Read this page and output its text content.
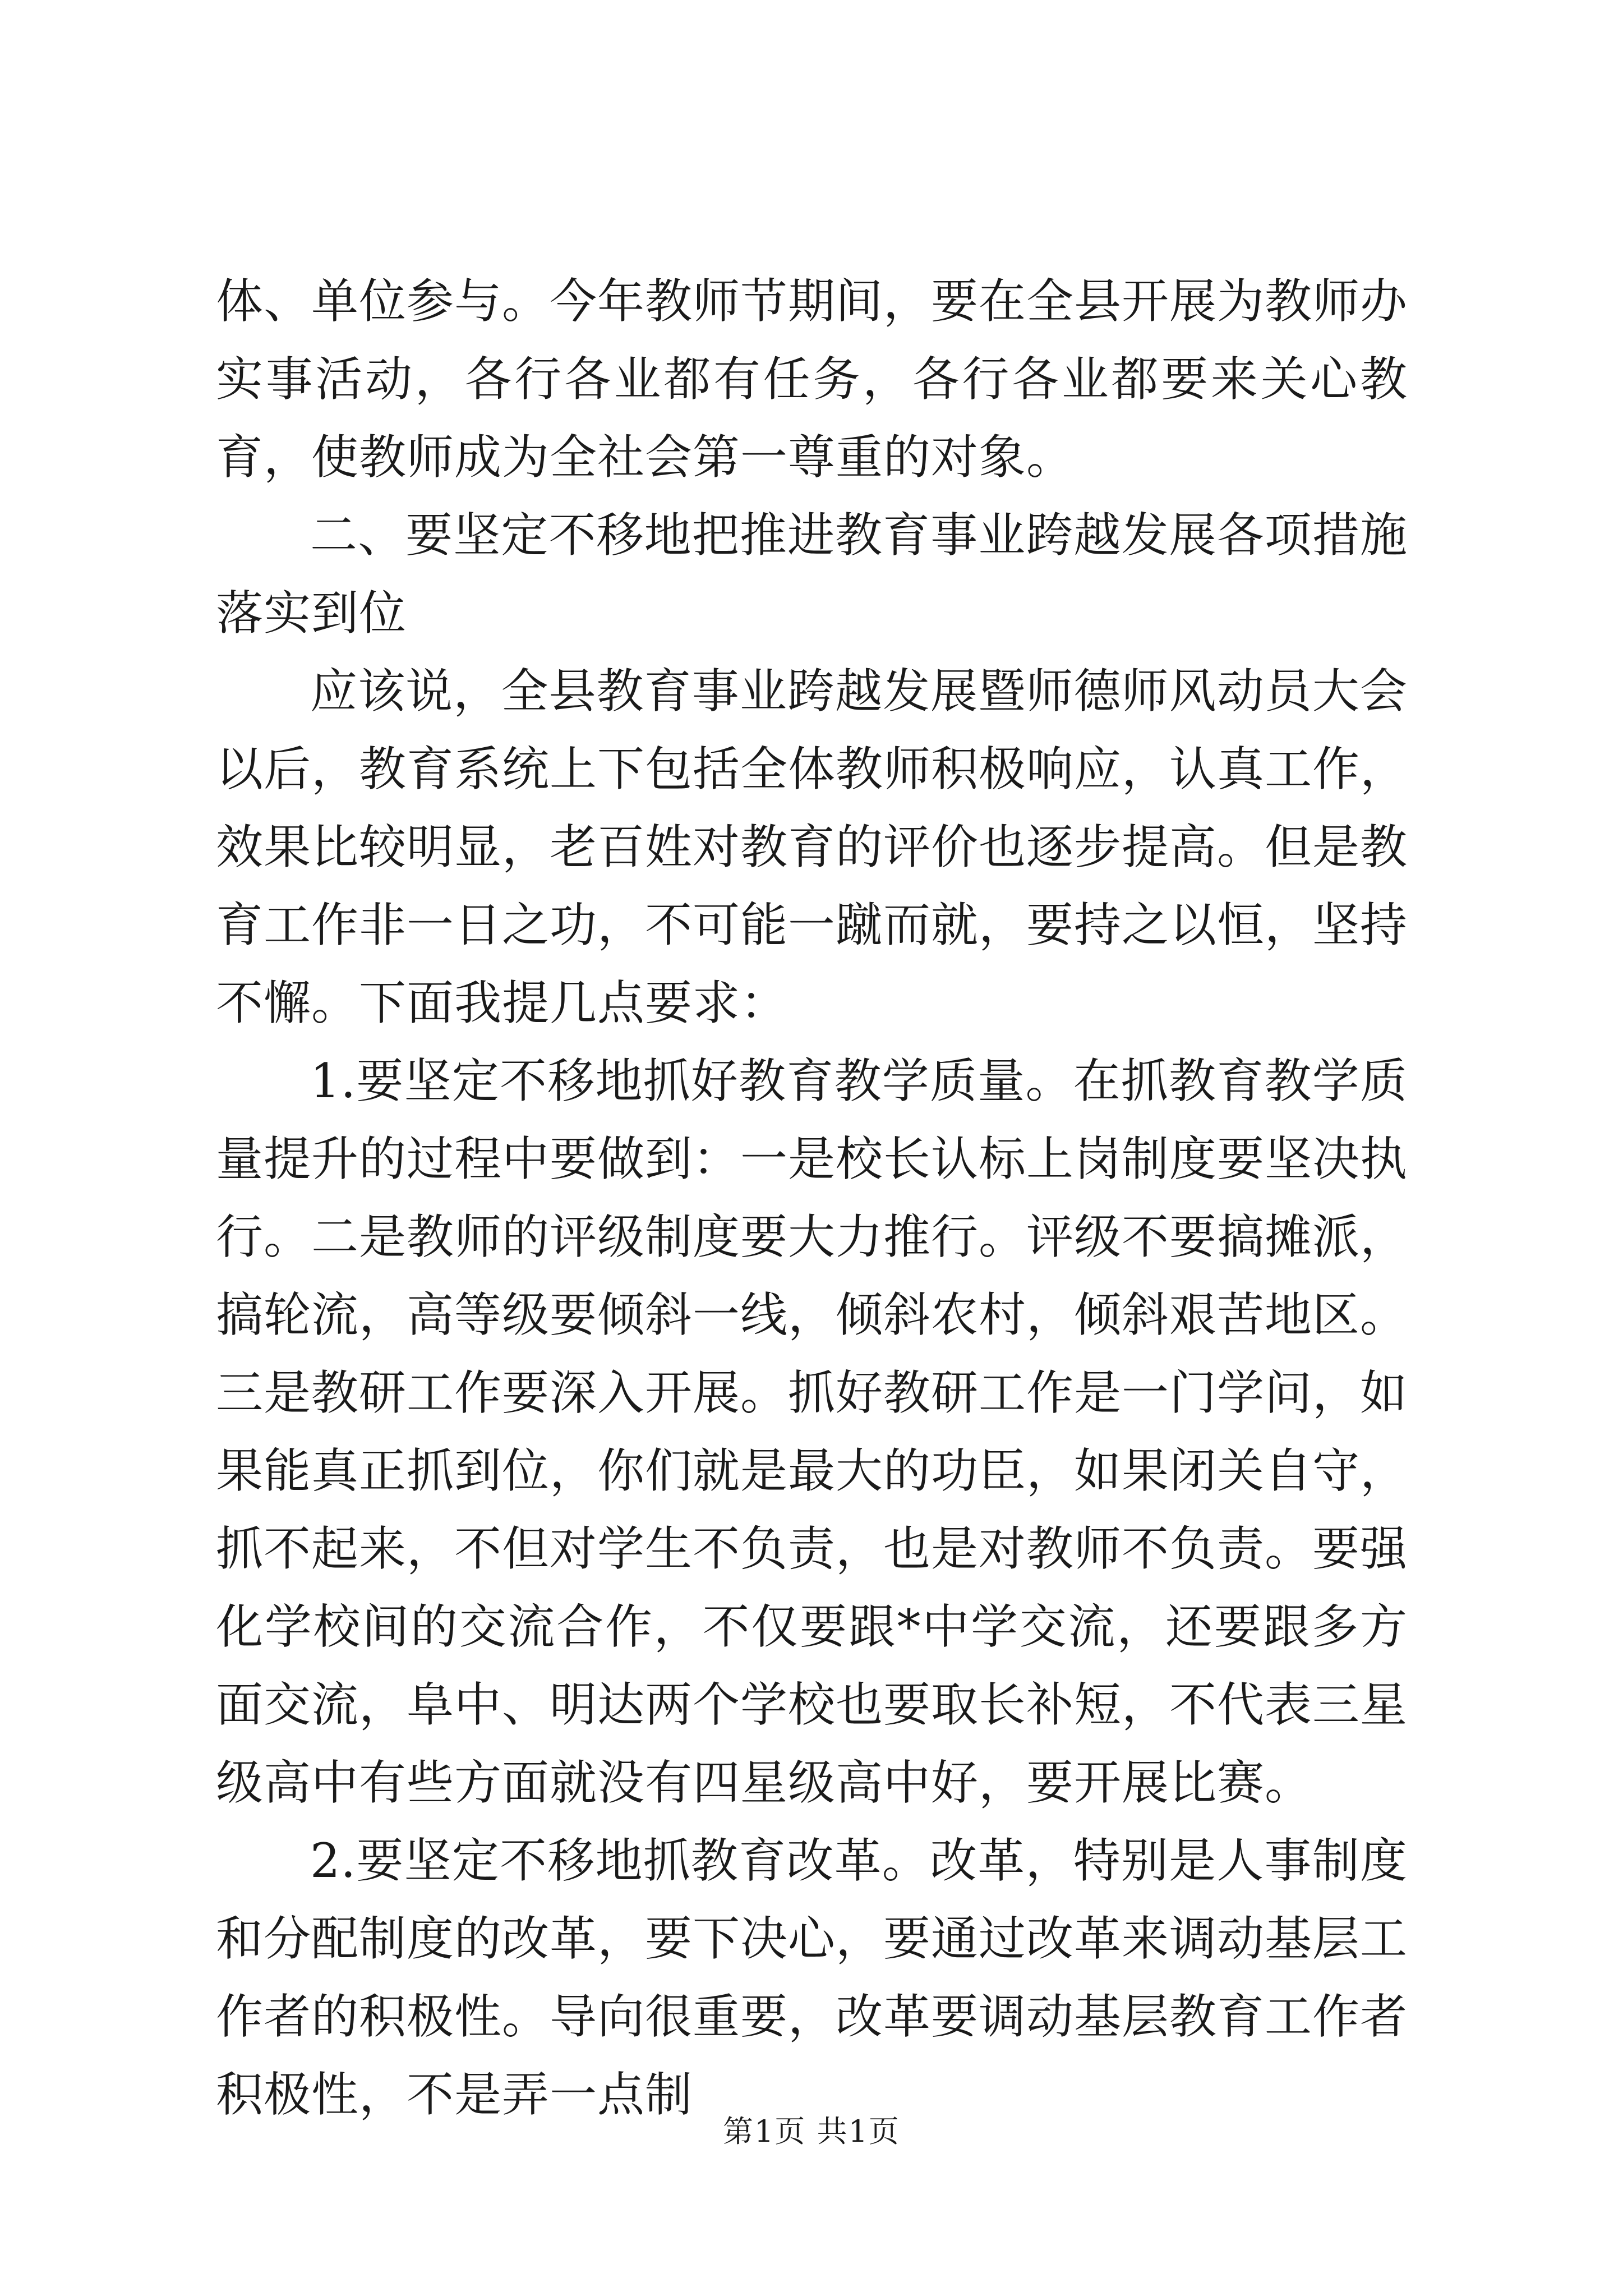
体、单位参与。今年教师节期间，要在全县开展为教师办实事活动，各行各业都有任务，各行各业都要来关心教育，使教师成为全社会第一尊重的对象。

二、要坚定不移地把推进教育事业跨越发展各项措施落实到位

应该说，全县教育事业跨越发展暨师德师风动员大会以后，教育系统上下包括全体教师积极响应，认真工作，效果比较明显，老百姓对教育的评价也逐步提高。但是教育工作非一日之功，不可能一蹴而就，要持之以恒，坚持不懈。下面我提几点要求：

1.要坚定不移地抓好教育教学质量。在抓教育教学质量提升的过程中要做到：一是校长认标上岗制度要坚决执行。二是教师的评级制度要大力推行。评级不要搞摊派，搞轮流，高等级要倾斜一线，倾斜农村，倾斜艰苦地区。三是教研工作要深入开展。抓好教研工作是一门学问，如果能真正抓到位，你们就是最大的功臣，如果闭关自守，抓不起来，不但对学生不负责，也是对教师不负责。要强化学校间的交流合作，不仅要跟*中学交流，还要跟多方面交流，阜中、明达两个学校也要取长补短，不代表三星级高中有些方面就没有四星级高中好，要开展比赛。

2.要坚定不移地抓教育改革。改革，特别是人事制度和分配制度的改革，要下决心，要通过改革来调动基层工作者的积极性。导向很重要，改革要调动基层教育工作者积极性，不是弄一点制

第1页 共1页
